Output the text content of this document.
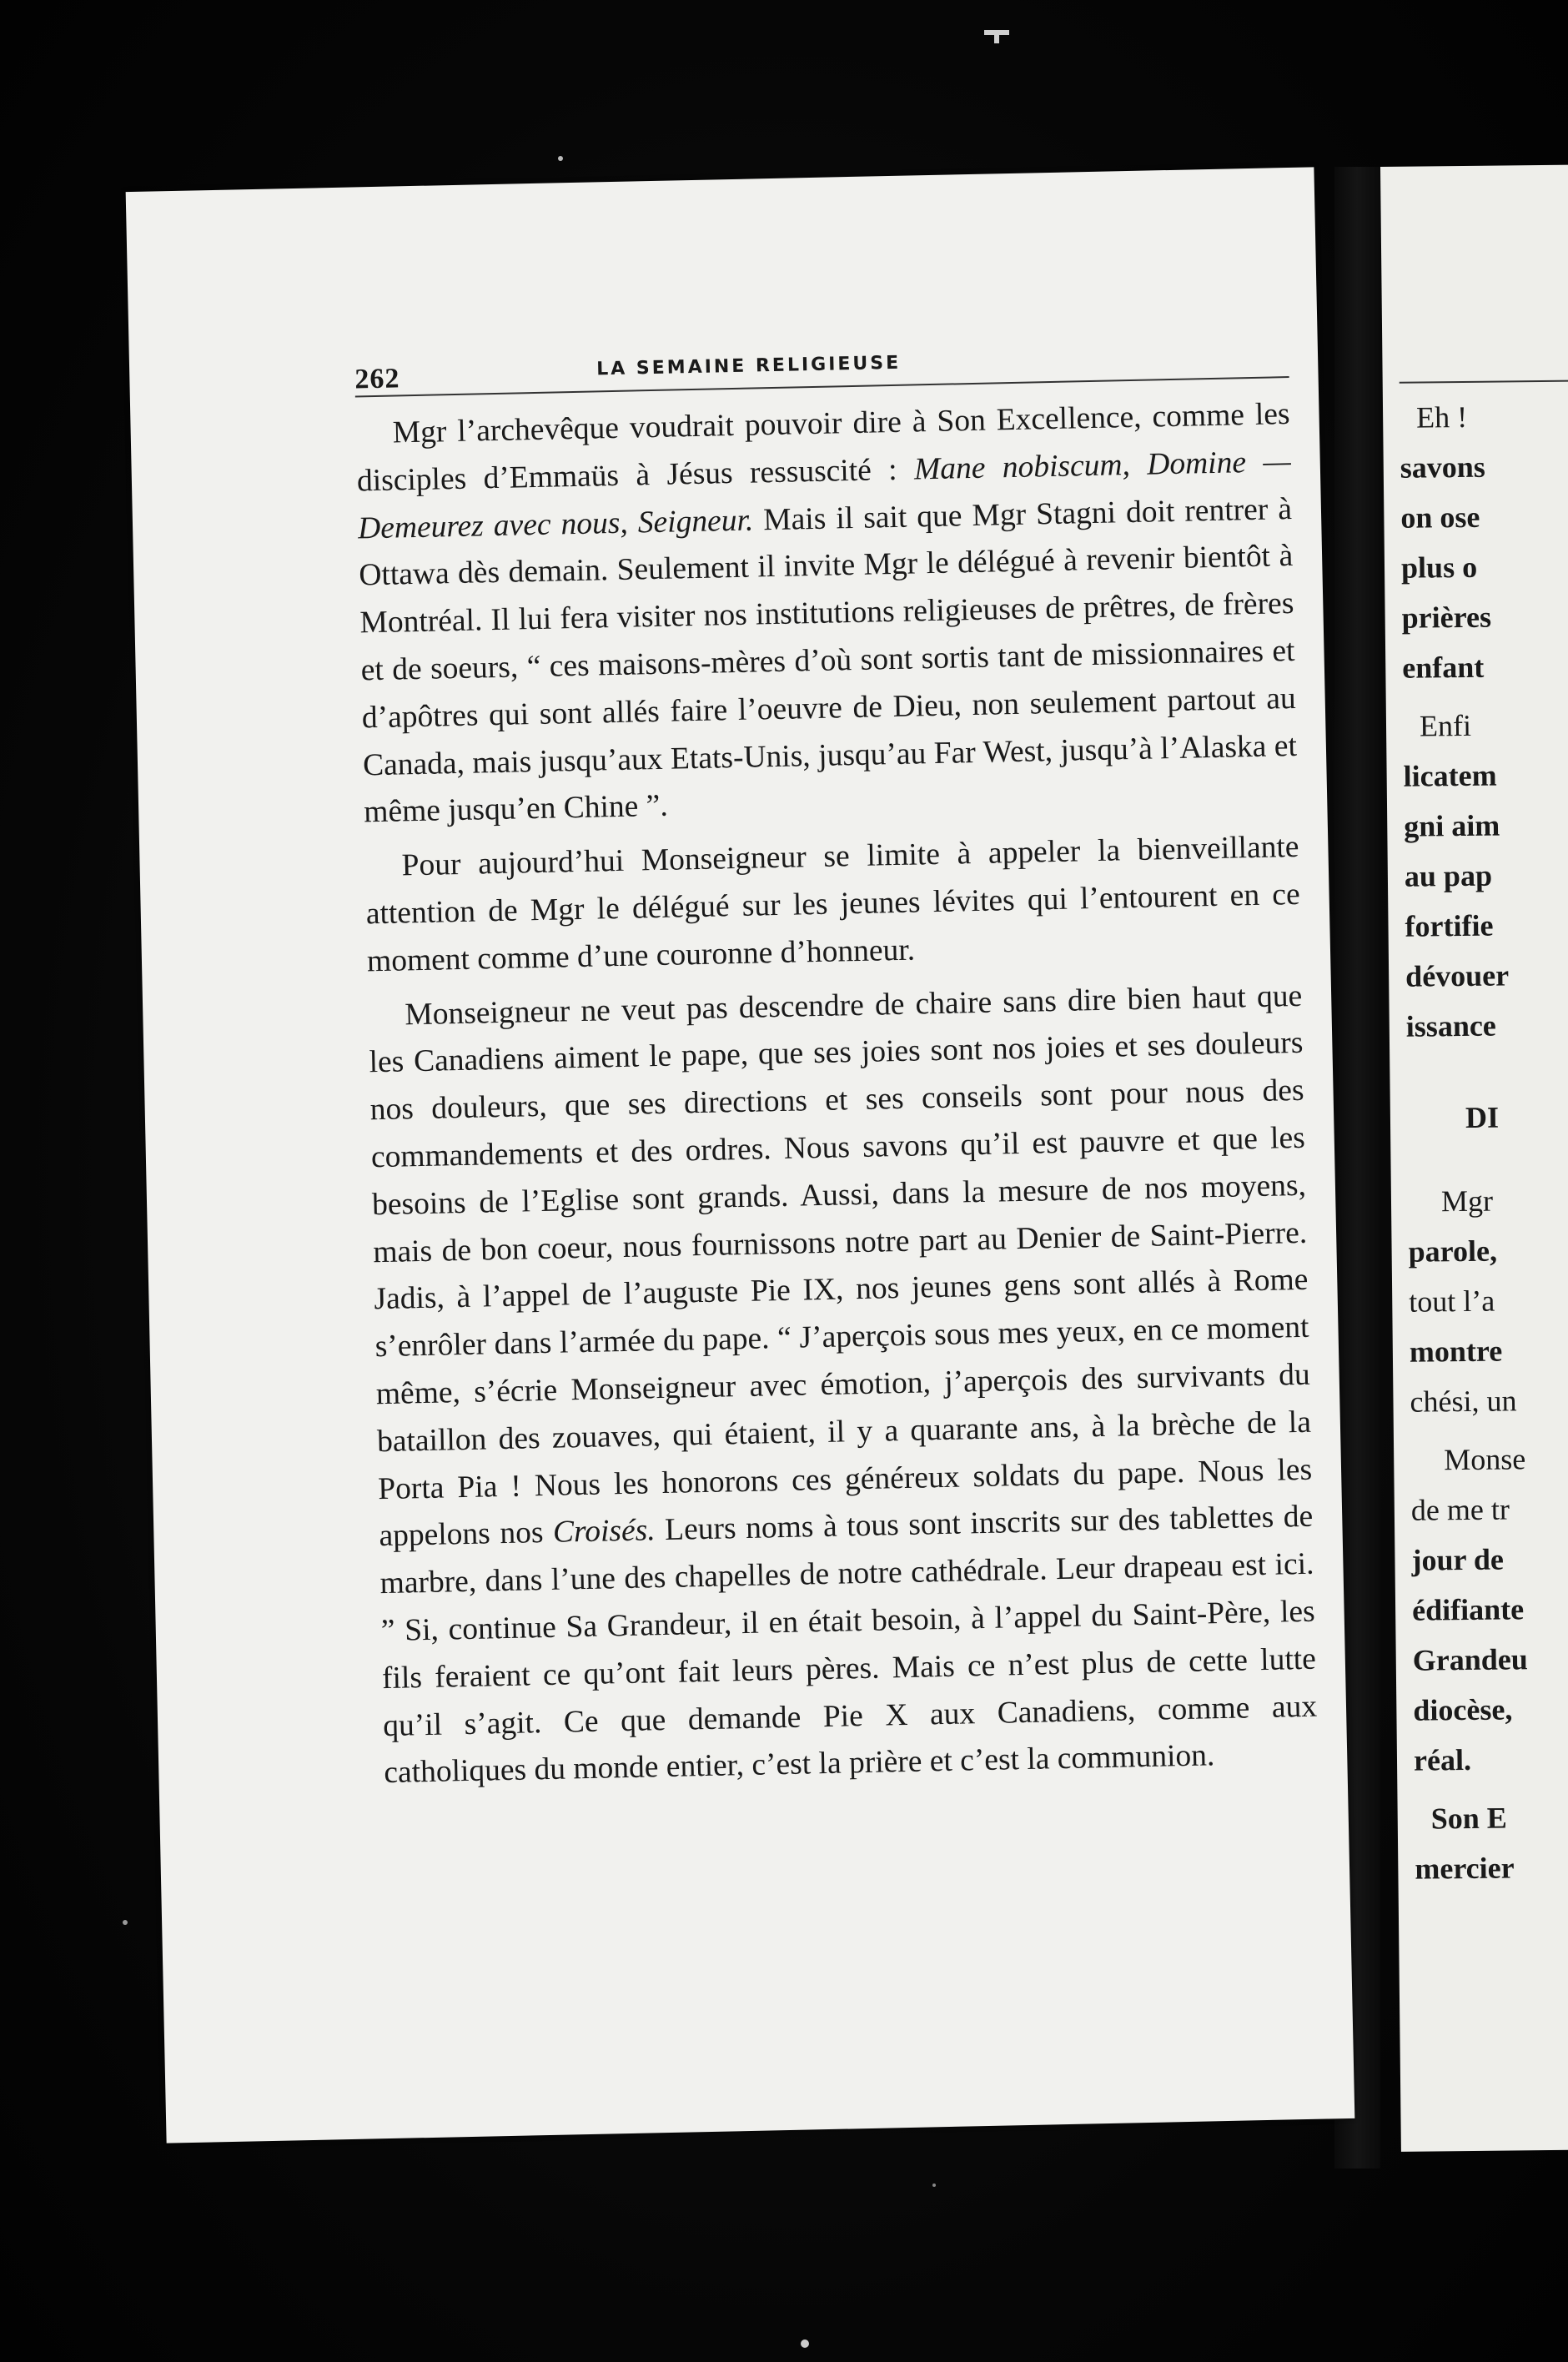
262	LA SEMAINE RELIGIEUSE

Mgr l’archevêque voudrait pouvoir dire à Son Excellence, comme les disciples d’Emmaüs à Jésus ressuscité : Mane nobiscum, Domine — Demeurez avec nous, Seigneur. Mais il sait que Mgr Stagni doit rentrer à Ottawa dès demain. Seulement il invite Mgr le délégué à revenir bientôt à Montréal. Il lui fera visiter nos institutions religieuses de prêtres, de frères et de soeurs, “ ces maisons-mères d’où sont sortis tant de missionnaires et d’apôtres qui sont allés faire l’oeuvre de Dieu, non seulement partout au Canada, mais jusqu’aux Etats-Unis, jusqu’au Far West, jusqu’à l’Alaska et même jusqu’en Chine ”.

Pour aujourd’hui Monseigneur se limite à appeler la bienveillante attention de Mgr le délégué sur les jeunes lévites qui l’entourent en ce moment comme d’une couronne d’honneur.

Monseigneur ne veut pas descendre de chaire sans dire bien haut que les Canadiens aiment le pape, que ses joies sont nos joies et ses douleurs nos douleurs, que ses directions et ses conseils sont pour nous des commandements et des ordres. Nous savons qu’il est pauvre et que les besoins de l’Eglise sont grands. Aussi, dans la mesure de nos moyens, mais de bon coeur, nous fournissons notre part au Denier de Saint-Pierre. Jadis, à l’appel de l’auguste Pie IX, nos jeunes gens sont allés à Rome s’enrôler dans l’armée du pape. “ J’aperçois sous mes yeux, en ce moment même, s’écrie Monseigneur avec émotion, j’aperçois des survivants du bataillon des zouaves, qui étaient, il y a quarante ans, à la brèche de la Porta Pia ! Nous les honorons ces généreux soldats du pape. Nous les appelons nos Croisés. Leurs noms à tous sont inscrits sur des tablettes de marbre, dans l’une des chapelles de notre cathédrale. Leur drapeau est ici. ” Si, continue Sa Grandeur, il en était besoin, à l’appel du Saint-Père, les fils feraient ce qu’ont fait leurs pères. Mais ce n’est plus de cette lutte qu’il s’agit. Ce que demande Pie X aux Canadiens, comme aux catholiques du monde entier, c’est la prière et c’est la communion.

Eh !
savons
on ose
plus o
prières
enfant
Enfi
licatem
gni aim
au pap
fortifie
dévouer
issance
DI
Mgr
parole,
tout l’a
montre
chési, un
Monse
de me tr
jour de
édifiante
Grandeu
diocèse,
réal.
Son E
mercier
